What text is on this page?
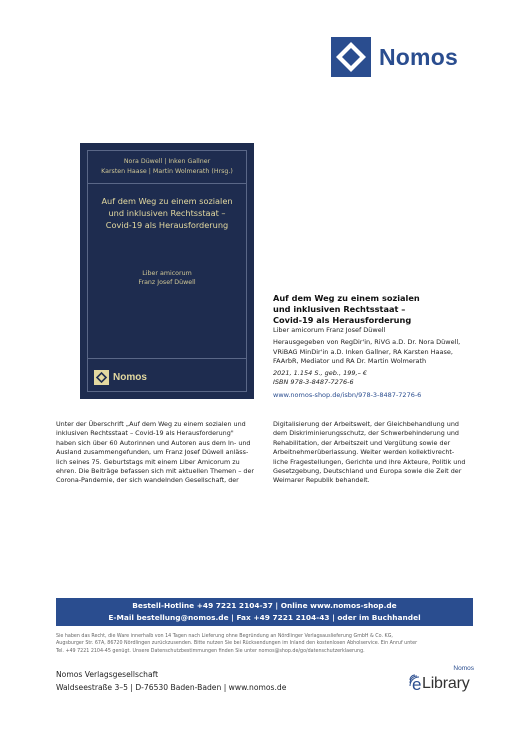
Nomos
Nora Düwell | Inken Gallner
Karsten Haase | Martin Wolmerath (Hrsg.)
Auf dem Weg zu einem sozialen
und inklusiven Rechtsstaat –
Covid-19 als Herausforderung
Liber amicorum
Franz Josef Düwell
Nomos
Auf dem Weg zu einem sozialen
und inklusiven Rechtsstaat –
Covid-19 als Herausforderung
Liber amicorum Franz Josef Düwell
Herausgegeben von RegDir'in, RiVG a.D. Dr. Nora Düwell,
VRiBAG MinDir'in a.D. Inken Gallner, RA Karsten Haase,
FAArbR, Mediator und RA Dr. Martin Wolmerath
2021, 1.154 S., geb., 199,– €
ISBN 978-3-8487-7276-6
www.nomos-shop.de/isbn/978-3-8487-7276-6
Unter der Überschrift „Auf dem Weg zu einem sozialen und
inklusiven Rechtsstaat – Covid-19 als Herausforderung"
haben sich über 60 Autorinnen und Autoren aus dem In- und
Ausland zusammengefunden, um Franz Josef Düwell anläss-
lich seines 75. Geburtstags mit einem Liber Amicorum zu
ehren. Die Beiträge befassen sich mit aktuellen Themen – der
Corona-Pandemie, der sich wandelnden Gesellschaft, der
Digitalisierung der Arbeitswelt, der Gleichbehandlung und
dem Diskriminierungsschutz, der Schwerbehinderung und
Rehabilitation, der Arbeitszeit und Vergütung sowie der
Arbeitnehmerüberlassung. Weiter werden kollektivrecht-
liche Fragestellungen, Gerichte und ihre Akteure, Politik und
Gesetzgebung, Deutschland und Europa sowie die Zeit der
Weimarer Republik behandelt.
Bestell-Hotline +49 7221 2104-37 | Online www.nomos-shop.de
E-Mail bestellung@nomos.de | Fax +49 7221 2104-43 | oder im Buchhandel
Sie haben das Recht, die Ware innerhalb von 14 Tagen nach Lieferung ohne Begründung an Nördlinger Verlagsauslieferung GmbH & Co. KG,
Augsburger Str. 67A, 86720 Nördlingen zurückzusenden. Bitte nutzen Sie bei Rücksendungen im Inland den kostenlosen Abholservice. Ein Anruf unter
Tel. +49 7221 2104-45 genügt. Unsere Datenschutzbestimmungen finden Sie unter nomos@shop.de/go/datenschutzerklaerung.
Nomos Verlagsgesellschaft
Waldseestraße 3–5 | D-76530 Baden-Baden | www.nomos.de
Nomos
e Library
